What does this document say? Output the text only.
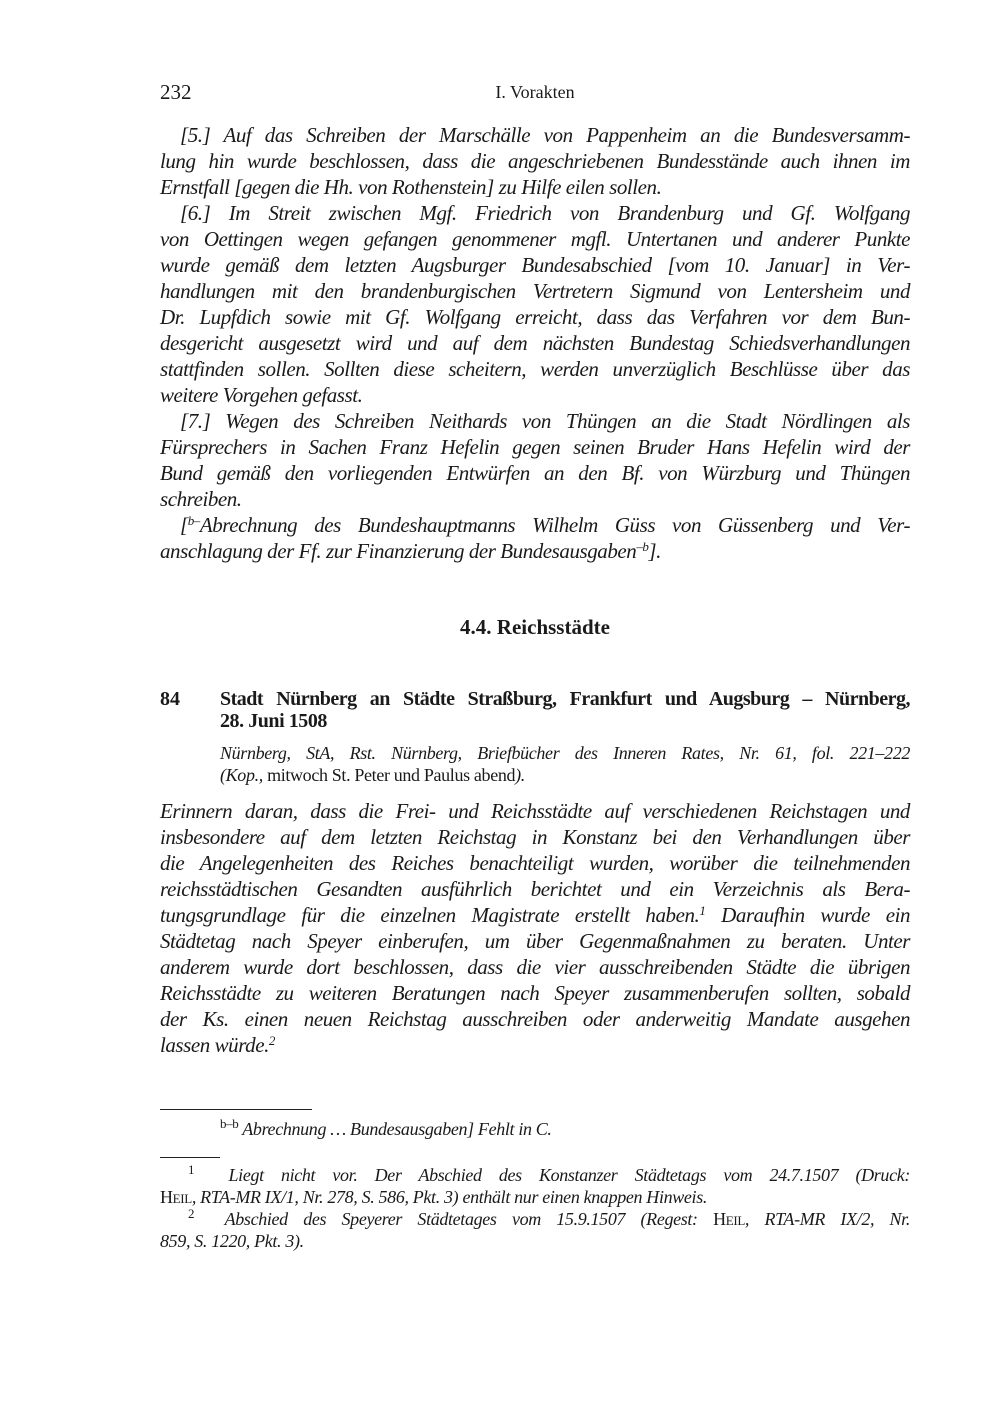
232	I. Vorakten
[5.] Auf das Schreiben der Marschälle von Pappenheim an die Bundesversamm-
lung hin wurde beschlossen, dass die angeschriebenen Bundesstände auch ihnen im
Ernstfall [gegen die Hh. von Rothenstein] zu Hilfe eilen sollen.
[6.] Im Streit zwischen Mgf. Friedrich von Brandenburg und Gf. Wolfgang
von Oettingen wegen gefangen genommener mgfl. Untertanen und anderer Punkte
wurde gemäß dem letzten Augsburger Bundesabschied [vom 10. Januar] in Ver-
handlungen mit den brandenburgischen Vertretern Sigmund von Lentersheim und
Dr. Lupfdich sowie mit Gf. Wolfgang erreicht, dass das Verfahren vor dem Bun-
desgericht ausgesetzt wird und auf dem nächsten Bundestag Schiedsverhandlungen
stattfinden sollen. Sollten diese scheitern, werden unverzüglich Beschlüsse über das
weitere Vorgehen gefasst.
[7.] Wegen des Schreiben Neithards von Thüngen an die Stadt Nördlingen als
Fürsprechers in Sachen Franz Hefelin gegen seinen Bruder Hans Hefelin wird der
Bund gemäß den vorliegenden Entwürfen an den Bf. von Würzburg und Thüngen
schreiben.
[$^{b-}$Abrechnung des Bundeshauptmanns Wilhelm Güss von Güssenberg und Ver-
anschlagung der Ff. zur Finanzierung der Bundesausgaben$^{-b}$].
4.4. Reichsstädte
84 Stadt Nürnberg an Städte Straßburg, Frankfurt und Augsburg – Nürnberg,
28. Juni 1508
Nürnberg, StA, Rst. Nürnberg, Briefbücher des Inneren Rates, Nr. 61, fol. 221–222
(Kop., mitwoch St. Peter und Paulus abend).
Erinnern daran, dass die Frei- und Reichsstädte auf verschiedenen Reichstagen und
insbesondere auf dem letzten Reichstag in Konstanz bei den Verhandlungen über
die Angelegenheiten des Reiches benachteiligt wurden, worüber die teilnehmenden
reichsstädtischen Gesandten ausführlich berichtet und ein Verzeichnis als Bera-
tungsgrundlage für die einzelnen Magistrate erstellt haben.$^1$ Daraufhin wurde ein
Städtetag nach Speyer einberufen, um über Gegenmaßnahmen zu beraten. Unter
anderem wurde dort beschlossen, dass die vier ausschreibenden Städte die übrigen
Reichsstädte zu weiteren Beratungen nach Speyer zusammenberufen sollten, sobald
der Ks. einen neuen Reichstag ausschreiben oder anderweitig Mandate ausgehen
lassen würde.$^2$
$^{b-b}$ Abrechnung … Bundesausgaben] Fehlt in C.
$^1$  Liegt nicht vor. Der Abschied des Konstanzer Städtetags vom 24.7.1507 (Druck:
Heil, RTA-MR IX/1, Nr. 278, S. 586, Pkt. 3) enthält nur einen knappen Hinweis.
$^2$  Abschied des Speyerer Städtetages vom 15.9.1507 (Regest: Heil, RTA-MR IX/2, Nr.
859, S. 1220, Pkt. 3).
